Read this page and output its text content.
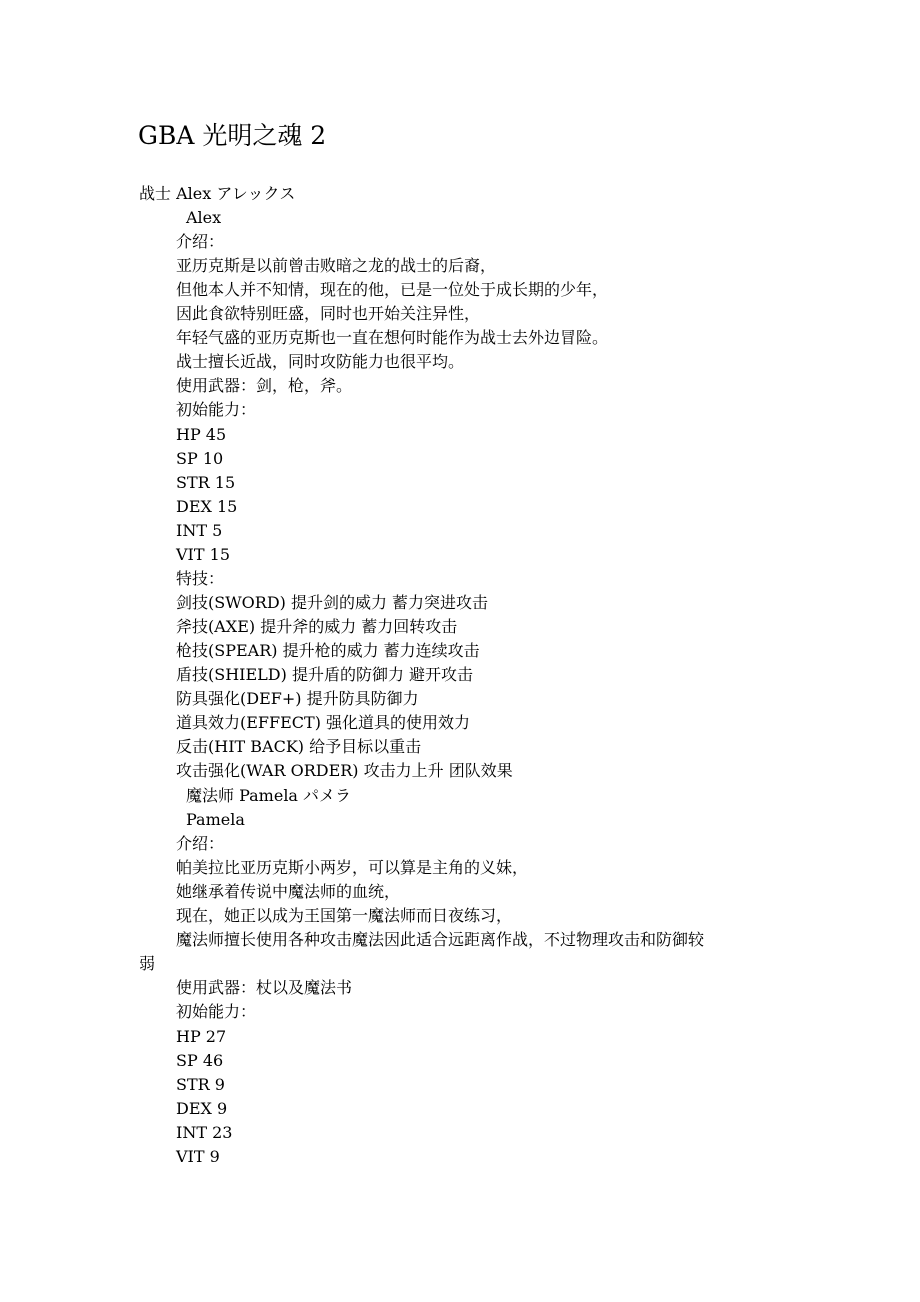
GBA 光明之魂 2

战士 Alex アレックス

Alex

介绍：

亚历克斯是以前曾击败暗之龙的战士的后裔，

但他本人并不知情，现在的他，已是一位处于成长期的少年，

因此食欲特别旺盛，同时也开始关注异性，

年轻气盛的亚历克斯也一直在想何时能作为战士去外边冒险。

战士擅长近战，同时攻防能力也很平均。

使用武器：剑，枪，斧。

初始能力：

HP 45

SP 10

STR 15

DEX 15

INT 5

VIT 15

特技：

剑技(SWORD) 提升剑的威力 蓄力突进攻击

斧技(AXE) 提升斧的威力 蓄力回转攻击

枪技(SPEAR) 提升枪的威力 蓄力连续攻击

盾技(SHIELD) 提升盾的防御力 避开攻击

防具强化(DEF+) 提升防具防御力

道具效力(EFFECT) 强化道具的使用效力

反击(HIT BACK) 给予目标以重击

攻击强化(WAR ORDER) 攻击力上升 团队效果

魔法师 Pamela パメラ

Pamela

介绍：

帕美拉比亚历克斯小两岁，可以算是主角的义妹，

她继承着传说中魔法师的血统，

现在，她正以成为王国第一魔法师而日夜练习，

魔法师擅长使用各种攻击魔法因此适合远距离作战，不过物理攻击和防御较

弱

使用武器：杖以及魔法书

初始能力：

HP 27

SP 46

STR 9

DEX 9

INT 23

VIT 9
